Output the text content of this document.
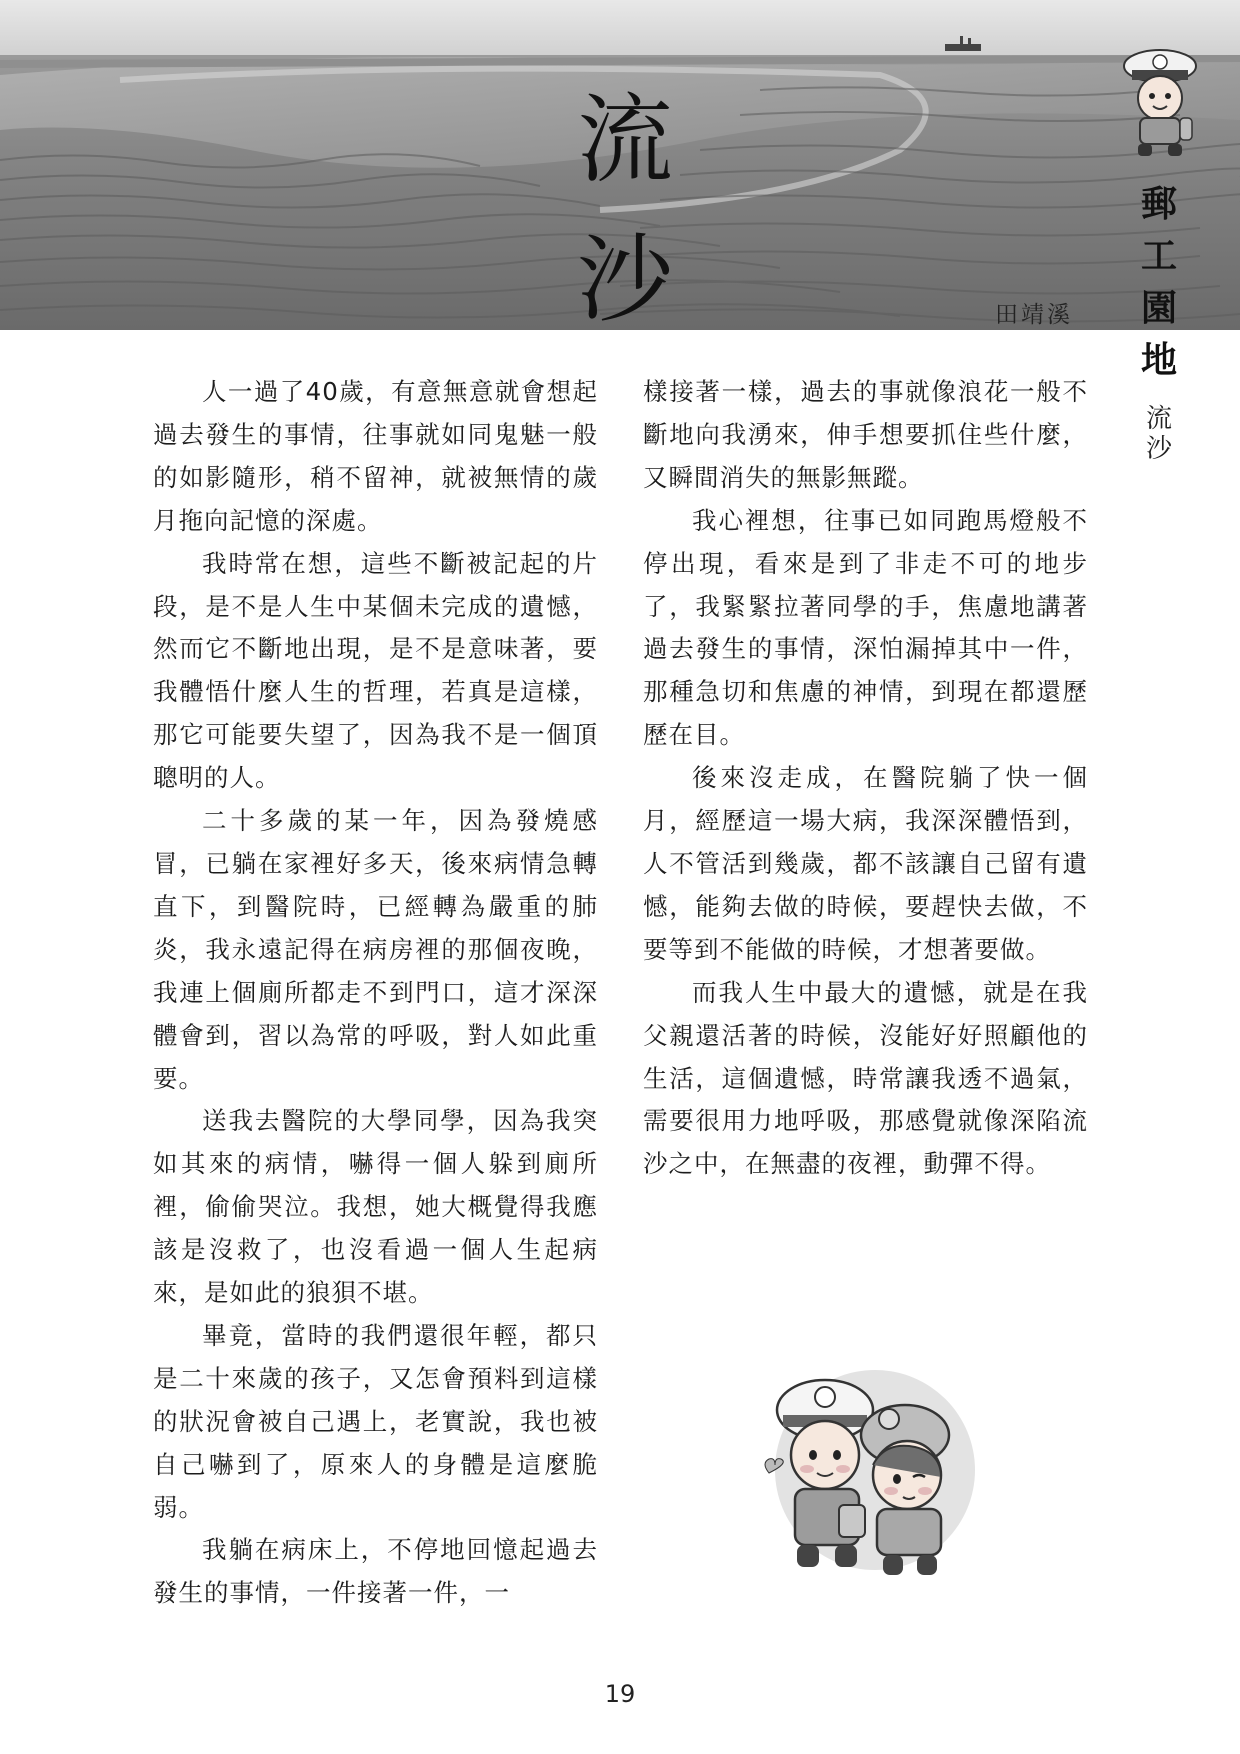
流
沙	田靖溪
郵
工
園
地
流
沙

人一過了40歲，有意無意就會想起過去發生的事情，往事就如同鬼魅一般的如影隨形，稍不留神，就被無情的歲月拖向記憶的深處。

我時常在想，這些不斷被記起的片段，是不是人生中某個未完成的遺憾，然而它不斷地出現，是不是意味著，要我體悟什麼人生的哲理，若真是這樣，那它可能要失望了，因為我不是一個頂聰明的人。

二十多歲的某一年，因為發燒感冒，已躺在家裡好多天，後來病情急轉直下，到醫院時，已經轉為嚴重的肺炎，我永遠記得在病房裡的那個夜晚，我連上個廁所都走不到門口，這才深深體會到，習以為常的呼吸，對人如此重要。

送我去醫院的大學同學，因為我突如其來的病情，嚇得一個人躲到廁所裡，偷偷哭泣。我想，她大概覺得我應該是沒救了，也沒看過一個人生起病來，是如此的狼狽不堪。

畢竟，當時的我們還很年輕，都只是二十來歲的孩子，又怎會預料到這樣的狀況會被自己遇上，老實說，我也被自己嚇到了，原來人的身體是這麼脆弱。

我躺在病床上，不停地回憶起過去發生的事情，一件接著一件，一

樣接著一樣，過去的事就像浪花一般不斷地向我湧來，伸手想要抓住些什麼，又瞬間消失的無影無蹤。

我心裡想，往事已如同跑馬燈般不停出現，看來是到了非走不可的地步了，我緊緊拉著同學的手，焦慮地講著過去發生的事情，深怕漏掉其中一件，那種急切和焦慮的神情，到現在都還歷歷在目。

後來沒走成，在醫院躺了快一個月，經歷這一場大病，我深深體悟到，人不管活到幾歲，都不該讓自己留有遺憾，能夠去做的時候，要趕快去做，不要等到不能做的時候，才想著要做。

而我人生中最大的遺憾，就是在我父親還活著的時候，沒能好好照顧他的生活，這個遺憾，時常讓我透不過氣，需要很用力地呼吸，那感覺就像深陷流沙之中，在無盡的夜裡，動彈不得。

19
